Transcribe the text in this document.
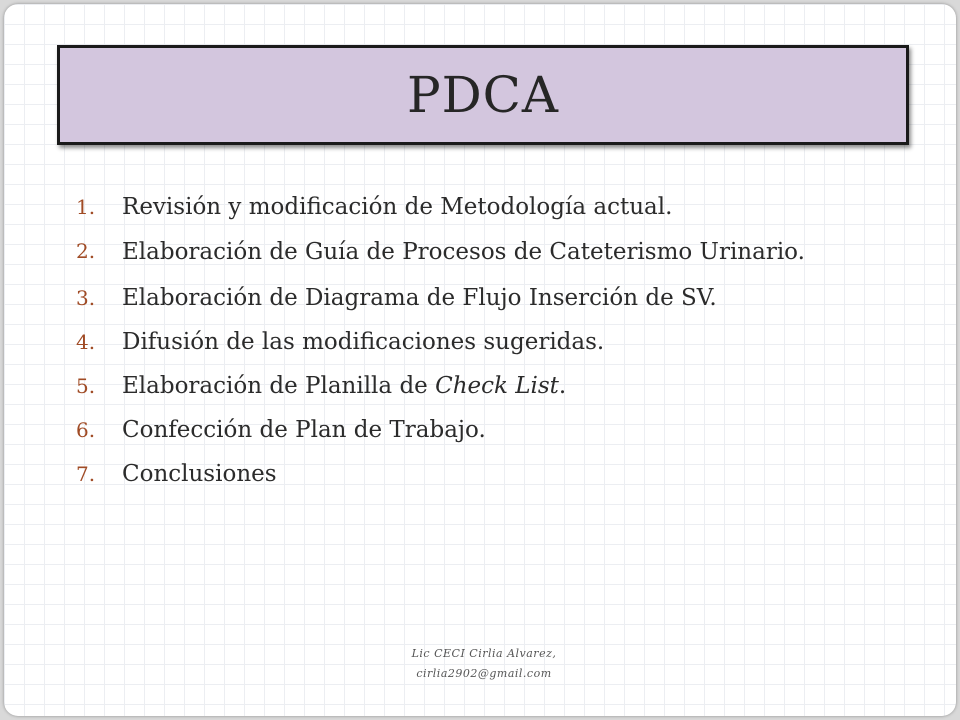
PDCA
1.	Revisión y modificación de Metodología actual.
2.	Elaboración de Guía de Procesos de Cateterismo Urinario.
3.	Elaboración de Diagrama de Flujo Inserción de SV.
4.	Difusión de las modificaciones sugeridas.
5.	Elaboración de Planilla de Check List.
6.	Confección de Plan de Trabajo.
7.	Conclusiones
Lic CECI Cirlia Alvarez,
cirlia2902@gmail.com
